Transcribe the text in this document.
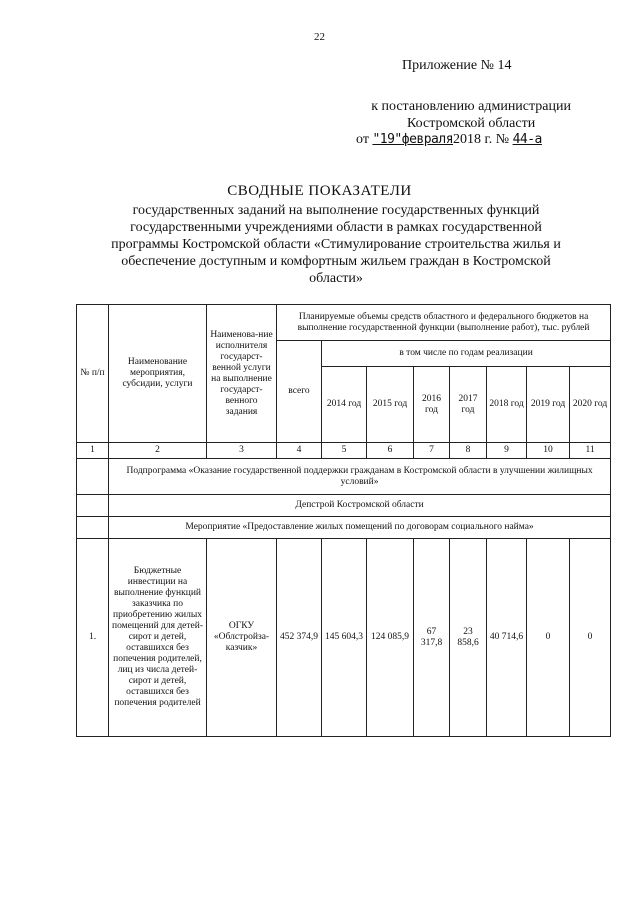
22
Приложение № 14
к постановлению администрации
Костромской области
от "19"февраля2018 г. № 44-а
СВОДНЫЕ ПОКАЗАТЕЛИ
государственных заданий на выполнение государственных функций государственными учреждениями области в рамках государственной программы Костромской области «Стимулирование строительства жилья и обеспечение доступным и комфортным жильем граждан в Костромской области»
№ п/п	Наименование мероприятия, субсидии, услуги	Наименова-ние исполнителя государст-венной услуги на выполнение государст-венного задания	Планируемые объемы средств областного и федерального бюджетов на выполнение государственной функции (выполнение работ), тыс. рублей							
			всего	в том числе по годам реализации						
				2014 год	2015 год	2016 год	2017 год	2018 год	2019 год	2020 год
1	2	3	4	5	6	7	8	9	10	11
	Подпрограмма «Оказание государственной поддержки гражданам в Костромской области в улучшении жилищных условий»									
	Депстрой Костромской области									
	Мероприятие «Предоставление жилых помещений по договорам социального найма»									
1.	Бюджетные инвестиции на выполнение функций заказчика по приобретению жилых помещений для детей-сирот и детей, оставшихся без попечения родителей, лиц из числа детей-сирот и детей, оставшихся без попечения родителей	ОГКУ «Облстройза-казчик»	452 374,9	145 604,3	124 085,9	67 317,8	23 858,6	40 714,6	0	0
